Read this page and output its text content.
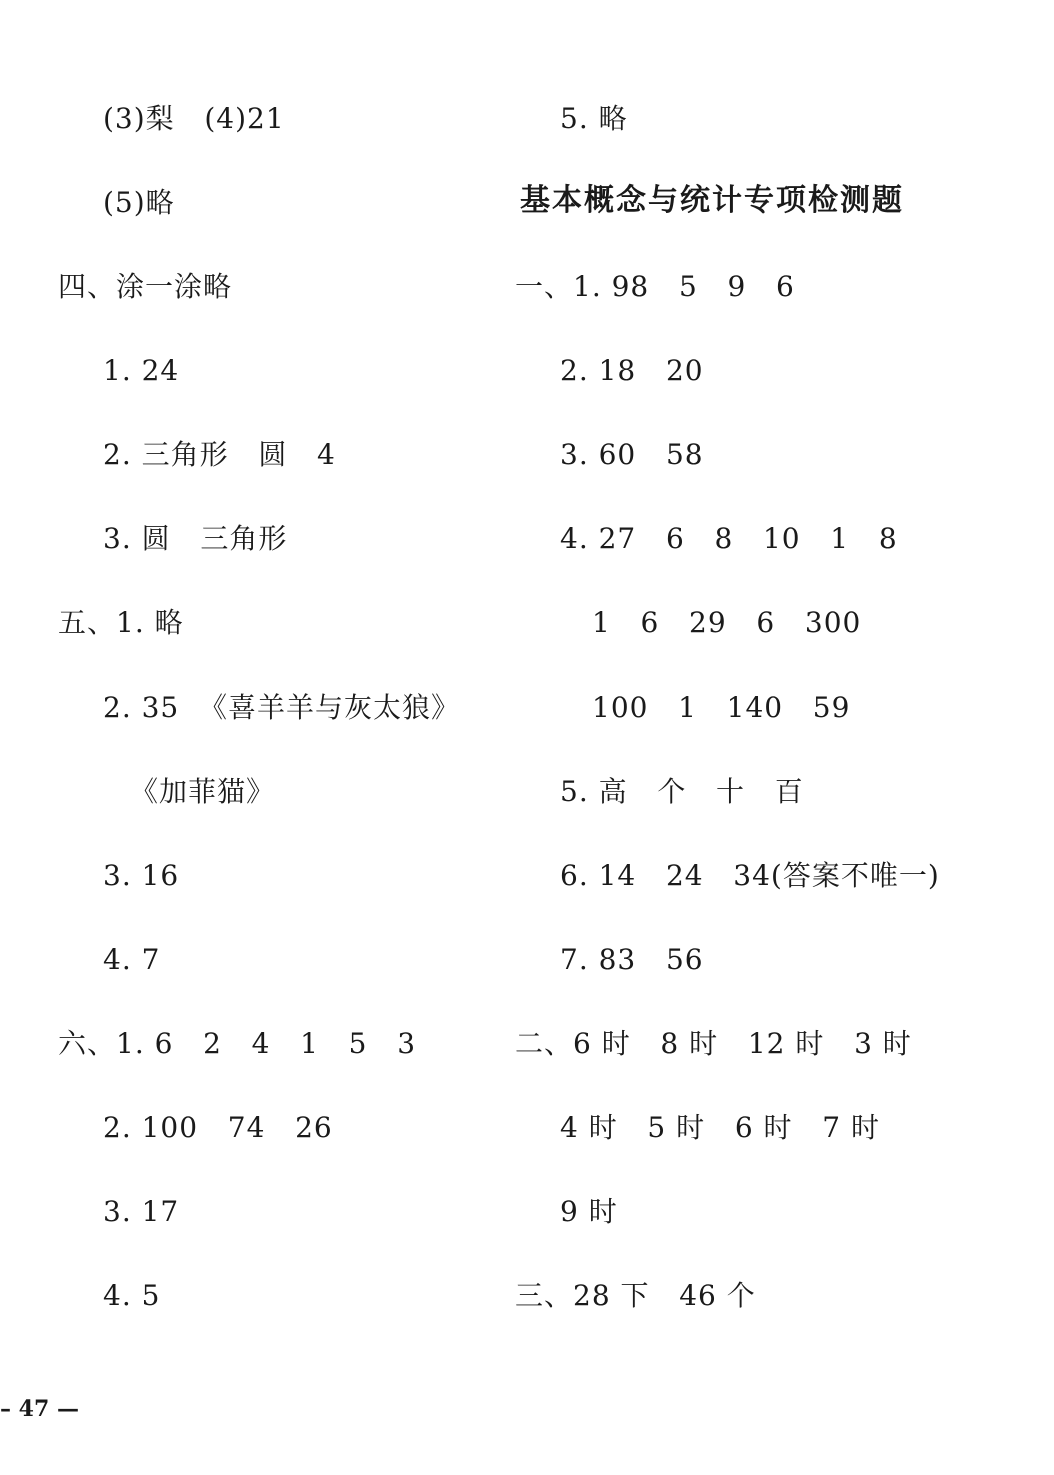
(3)梨   (4)21
(5)略
四、涂一涂略
1. 24
2. 三角形   圆   4
3. 圆   三角形
五、1. 略
2. 35  《喜羊羊与灰太狼》
《加菲猫》
3. 16
4. 7
六、1. 6   2   4   1   5   3
2. 100   74   26
3. 17
4. 5
5. 略
基本概念与统计专项检测题
一、1. 98   5   9   6
2. 18   20
3. 60   58
4. 27   6   8   10   1   8
1   6   29   6   300
100   1   140   59
5. 高   个   十   百
6. 14   24   34(答案不唯一)
7. 83   56
二、6 时   8 时   12 时   3 时
4 时   5 时   6 时   7 时
9 时
三、28 下   46 个
– 47 —
